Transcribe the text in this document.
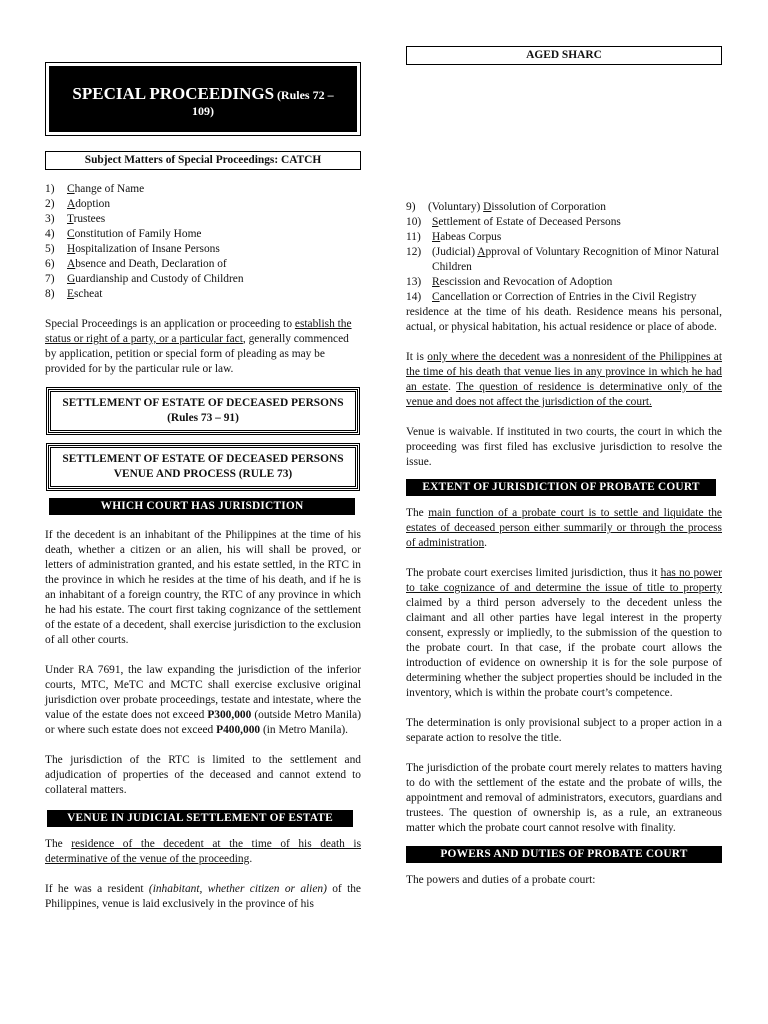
SPECIAL PROCEEDINGS (Rules 72 –
109)
Subject Matters of Special Proceedings: CATCH
1)	Change of Name
2)	Adoption
3)	Trustees
4)	Constitution of Family Home
5)	Hospitalization of Insane Persons
6)	Absence and Death, Declaration of
7)	Guardianship and Custody of Children
8)	Escheat

Special Proceedings is an application or proceeding to establish the status or right of a party, or a particular fact, generally commenced by application, petition or special form of pleading as may be provided for by the particular rule or law.

SETTLEMENT OF ESTATE OF DECEASED PERSONS (Rules 73 – 91)
SETTLEMENT OF ESTATE OF DECEASED PERSONS VENUE AND PROCESS (RULE 73)
WHICH COURT HAS JURISDICTION

If the decedent is an inhabitant of the Philippines at the time of his death, whether a citizen or an alien, his will shall be proved, or letters of administration granted, and his estate settled, in the RTC in the province in which he resides at the time of his death, and if he is an inhabitant of a foreign country, the RTC of any province in which he had his estate. The court first taking cognizance of the settlement of the estate of a decedent, shall exercise jurisdiction to the exclusion of all other courts.

Under RA 7691, the law expanding the jurisdiction of the inferior courts, MTC, MeTC and MCTC shall exercise exclusive original jurisdiction over probate proceedings, testate and intestate, where the value of the estate does not exceed P300,000 (outside Metro Manila) or where such estate does not exceed P400,000 (in Metro Manila).

The jurisdiction of the RTC is limited to the settlement and adjudication of properties of the deceased and cannot extend to collateral matters.

VENUE IN JUDICIAL SETTLEMENT OF ESTATE

The residence of the decedent at the time of his death is determinative of the venue of the proceeding.

If he was a resident (inhabitant, whether citizen or alien) of the Philippines, venue is laid exclusively in the province of his

AGED SHARC
9)	(Voluntary) Dissolution of Corporation
10) Settlement of Estate of Deceased Persons
11) Habeas Corpus
12) (Judicial) Approval of Voluntary Recognition of Minor Natural Children
13) Rescission and Revocation of Adoption
14) Cancellation or Correction of Entries in the Civil Registry

residence at the time of his death. Residence means his personal, actual, or physical habitation, his actual residence or place of abode.

It is only where the decedent was a nonresident of the Philippines at the time of his death that venue lies in any province in which he had an estate. The question of residence is determinative only of the venue and does not affect the jurisdiction of the court.

Venue is waivable. If instituted in two courts, the court in which the proceeding was first filed has exclusive jurisdiction to resolve the issue.

EXTENT OF JURISDICTION OF PROBATE COURT

The main function of a probate court is to settle and liquidate the estates of deceased person either summarily or through the process of administration.

The probate court exercises limited jurisdiction, thus it has no power to take cognizance of and determine the issue of title to property claimed by a third person adversely to the decedent unless the claimant and all other parties have legal interest in the property consent, expressly or impliedly, to the submission of the question to the probate court. In that case, if the probate court allows the introduction of evidence on ownership it is for the sole purpose of determining whether the subject properties should be included in the inventory, which is within the probate court’s competence.

The determination is only provisional subject to a proper action in a separate action to resolve the title.

The jurisdiction of the probate court merely relates to matters having to do with the settlement of the estate and the probate of wills, the appointment and removal of administrators, executors, guardians and trustees. The question of ownership is, as a rule, an extraneous matter which the probate court cannot resolve with finality.

POWERS AND DUTIES OF PROBATE COURT

The powers and duties of a probate court:
